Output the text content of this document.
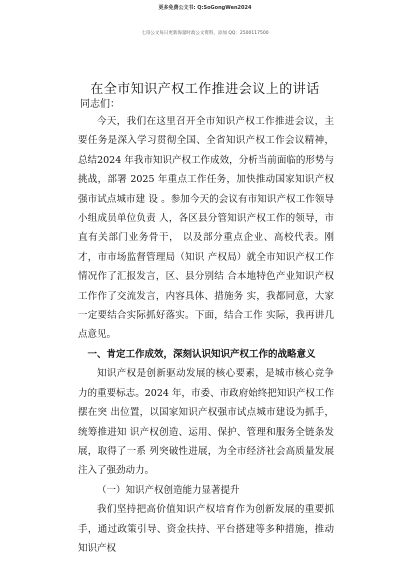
更多免费公文书: Q:SoGongWen2024
七哥公文每日更新海量时政公文资料，添加 QQ：2500117500
在全市知识产权工作推进会议上的讲话
同志们：

今天，我们在这里召开全市知识产权工作推进会议，主要任务是深入学习贯彻全国、全省知识产权工作会议精神，总结2024 年我市知识产权工作成效，分析当前面临的形势与挑战，部署 2025 年重点工作任务，加快推动国家知识产权强市试点城市建 设 。参加今天的会议有市知识产权工作领导小组成员单位负责 人，各区县分管知识产权工作的领导，市直有关部门业务骨干， 以及部分重点企业、高校代表。刚才，市市场监督管理局（知识 产权局）就全市知识产权工作情况作了汇报发言，区、县分别结 合本地特色产业知识产权工作作了交流发言，内容具体、措施务 实，我都同意，大家一定要结合实际抓好落实。下面，结合工作 实际，我再讲几点意见。

一、肯定工作成效，深刻认识知识产权工作的战略意义

知识产权是创新驱动发展的核心要素，是城市核心竞争力的重要标志。2024 年，市委、市政府始终把知识产权工作摆在突 出位置，以国家知识产权强市试点城市建设为抓手，统筹推进知 识产权创造、运用、保护、管理和服务全链条发展，取得了一系 列突破性进展，为全市经济社会高质量发展注入了强劲动力。

（一）知识产权创造能力显著提升

我们坚持把高价值知识产权培育作为创新发展的重要抓手，通过政策引导、资金扶持、平台搭建等多种措施，推动知识产权
